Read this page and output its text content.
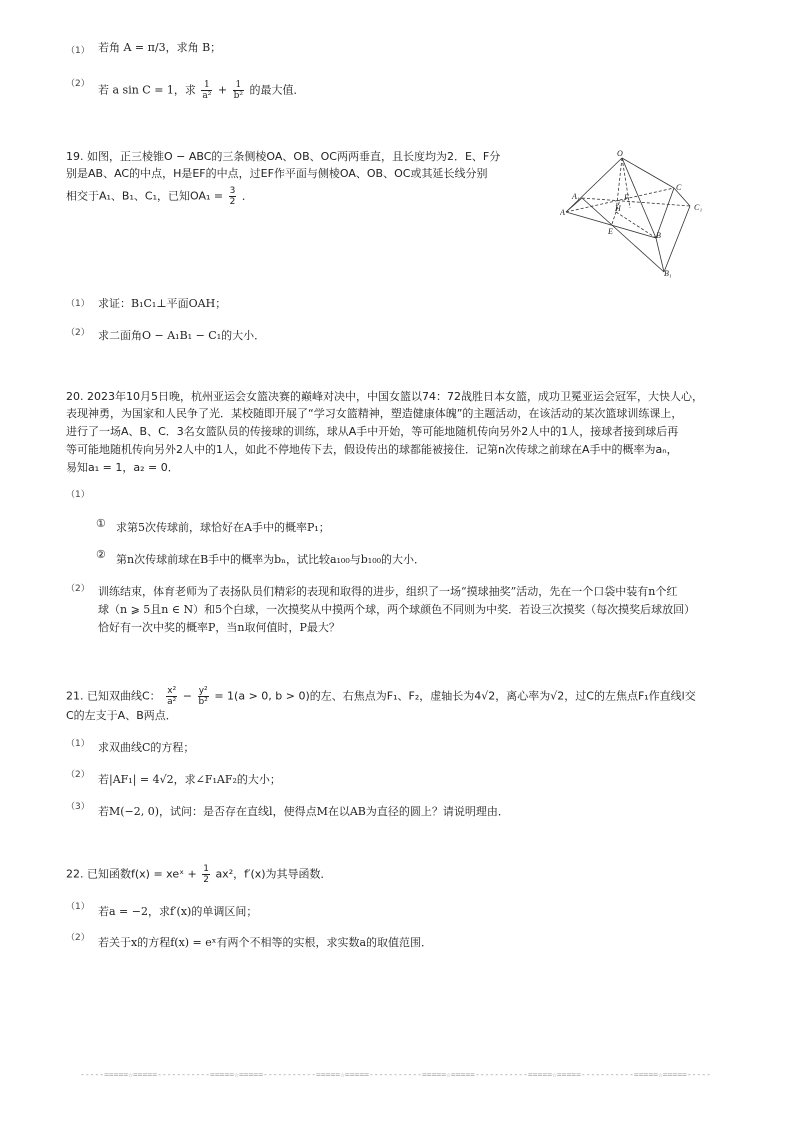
（1） 若角 A = π/3，求角 B；
（2） 若 a sin C = 1，求 $\frac{1}{\text{a²}} + \frac{1}{\text{b²}}$ 的最大值．
19. 如图，正三棱锥O − ABC的三条侧棱OA、OB、OC两两垂直，且长度均为2．E、F分
别是AB、AC的中点，H是EF的中点，过EF作平面与侧棱OA、OB、OC或其延长线分别
相交于A₁、B₁、C₁，已知$OA_1 = \frac{3}{2}$ ．
O
A₁
A
F
H
C
C₁
E	B
B₁
（1） 求证：B₁C₁⊥平面OAH；
（2） 求二面角O − A₁B₁ − C₁的大小．
20. 2023年10月5日晚，杭州亚运会女篮决赛的巅峰对决中，中国女篮以74：72战胜日本女篮，成功卫冕亚运会冠军，大快人心，
表现神勇，为国家和人民争了光．某校随即开展了“学习女篮精神，塑造健康体魄”的主题活动，在该活动的某次篮球训练课上，
进行了一场A、B、C．3名女篮队员的传接球的训练，球从A手中开始，等可能地随机传向另外2人中的1人，接球者接到球后再
等可能地随机传向另外2人中的1人，如此不停地传下去，假设传出的球都能被接住．记第n次传球之前球在A手中的概率为aₙ，
易知a₁ = 1，a₂ = 0．
（1）
① 求第5次传球前，球恰好在A手中的概率P₁；
② 第n次传球前球在B手中的概率为bₙ，试比较a₁₀₀与b₁₀₀的大小．
（2） 训练结束，体育老师为了表扬队员们精彩的表现和取得的进步，组织了一场“摸球抽奖”活动，先在一个口袋中装有n个红
球（n ⩾ 5且n ∈ N）和5个白球，一次摸奖从中摸两个球，两个球颜色不同则为中奖．若设三次摸奖（每次摸奖后球放回）
恰好有一次中奖的概率P，当n取何值时，P最大？
21. 已知双曲线C： $\frac{\text{x²}}{\text{a²}} - \frac{\text{y²}}{\text{b²}} = 1(a > 0$, b > 0)的左、右焦点为F₁、F₂，虚轴长为4√2，离心率为√2，过C的左焦点F₁作直线l交
C的左支于A、B两点．
（1） 求双曲线C的方程；
（2） 若|AF₁| = 4√2，求∠F₁AF₂的大小；
（3） 若M(−2, 0)，试问：是否存在直线l，使得点M在以AB为直径的圆上？请说明理由．
22. 已知函数f(x) = xeˣ + $\frac{1}{2} ax^2$，f′(x)为其导函数．
（1） 若a = −2，求f′(x)的单调区间；
（2） 若关于x的方程f(x) = eˣ有两个不相等的实根，求实数a的取值范围．
-----=====☆=====-----------=====☆=====-----------=====☆=====-----------=====☆=====-----------=====☆=====-----------=====☆=====-----
